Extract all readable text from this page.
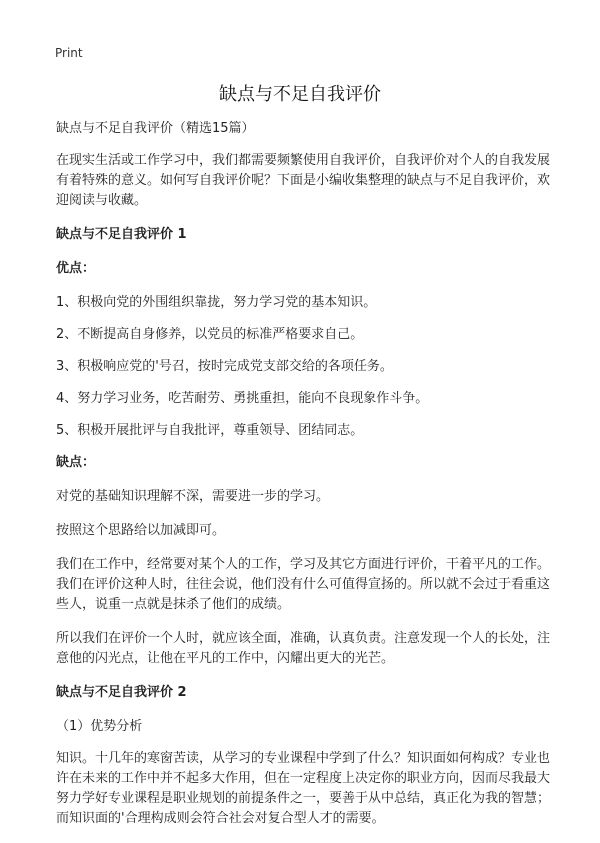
Print
缺点与不足自我评价

缺点与不足自我评价（精选15篇）

在现实生活或工作学习中，我们都需要频繁使用自我评价，自我评价对个人的自我发展有着特殊的意义。如何写自我评价呢？下面是小编收集整理的缺点与不足自我评价，欢迎阅读与收藏。

缺点与不足自我评价 1

优点：

1、积极向党的外围组织靠拢，努力学习党的基本知识。

2、不断提高自身修养，以党员的标准严格要求自己。

3、积极响应党的'号召，按时完成党支部交给的各项任务。

4、努力学习业务，吃苦耐劳、勇挑重担，能向不良现象作斗争。

5、积极开展批评与自我批评，尊重领导、团结同志。

缺点：

对党的基础知识理解不深，需要进一步的学习。

按照这个思路给以加减即可。

我们在工作中，经常要对某个人的工作，学习及其它方面进行评价，干着平凡的工作。我们在评价这种人时，往往会说，他们没有什么可值得宣扬的。所以就不会过于看重这些人，说重一点就是抹杀了他们的成绩。

所以我们在评价一个人时，就应该全面，准确，认真负责。注意发现一个人的长处，注意他的闪光点，让他在平凡的工作中，闪耀出更大的光芒。

缺点与不足自我评价 2

（1）优势分析

知识。十几年的寒窗苦读，从学习的专业课程中学到了什么？知识面如何构成？专业也许在未来的工作中并不起多大作用，但在一定程度上决定你的职业方向，因而尽我最大努力学好专业课程是职业规划的前提条件之一，要善于从中总结，真正化为我的智慧；而知识面的'合理构成则会符合社会对复合型人才的需要。
